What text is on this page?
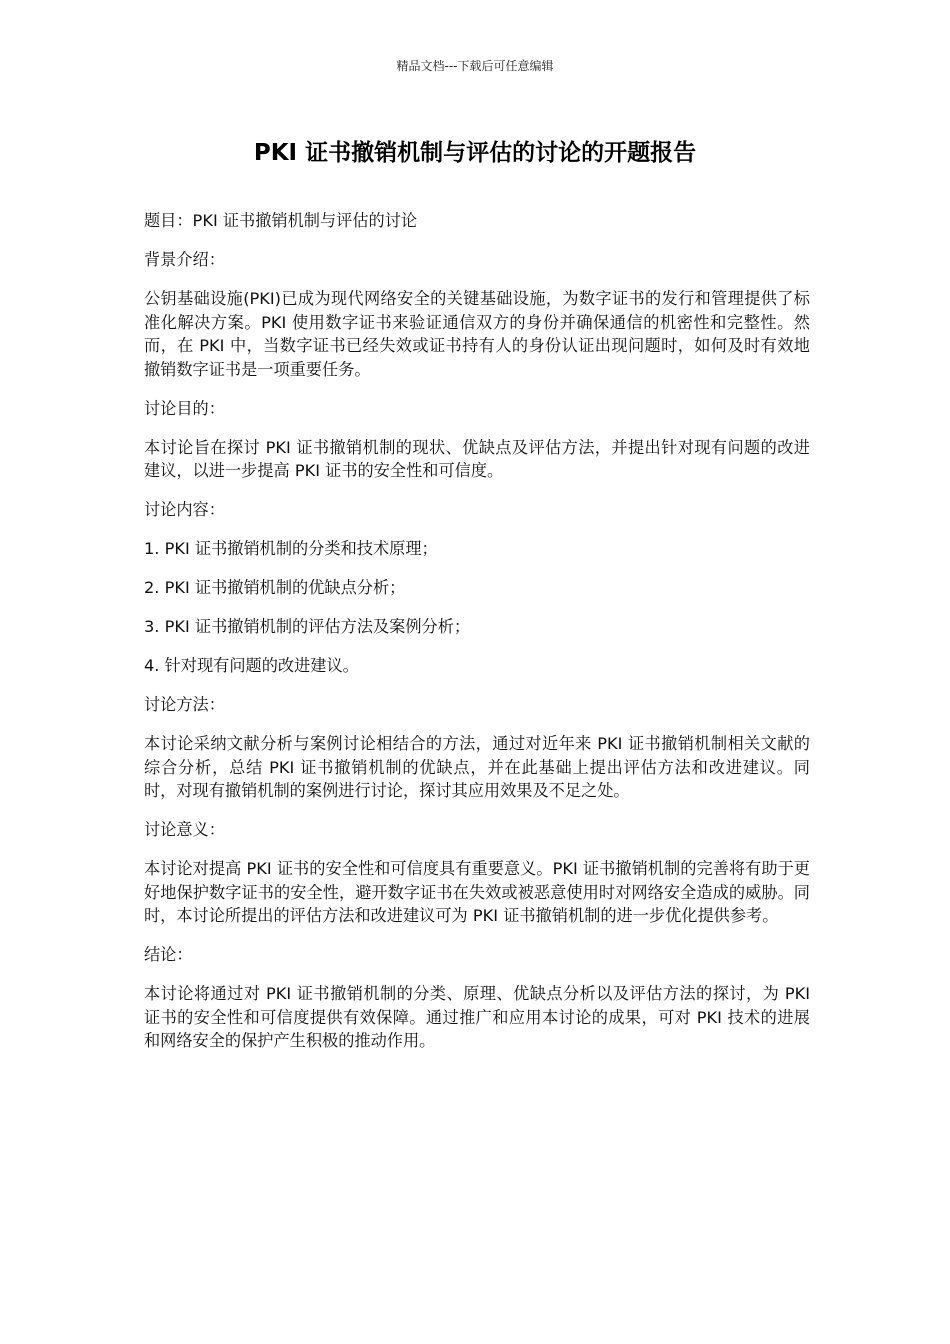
精品文档---下载后可任意编辑
PKI 证书撤销机制与评估的讨论的开题报告

题目：PKI 证书撤销机制与评估的讨论

背景介绍：

公钥基础设施(PKI)已成为现代网络安全的关键基础设施，为数字证书的发行和管理提供了标准化解决方案。PKI 使用数字证书来验证通信双方的身份并确保通信的机密性和完整性。然而，在 PKI 中，当数字证书已经失效或证书持有人的身份认证出现问题时，如何及时有效地撤销数字证书是一项重要任务。

讨论目的：

本讨论旨在探讨 PKI 证书撤销机制的现状、优缺点及评估方法，并提出针对现有问题的改进建议，以进一步提高 PKI 证书的安全性和可信度。

讨论内容：

1. PKI 证书撤销机制的分类和技术原理；

2. PKI 证书撤销机制的优缺点分析；

3. PKI 证书撤销机制的评估方法及案例分析；

4. 针对现有问题的改进建议。

讨论方法：

本讨论采纳文献分析与案例讨论相结合的方法，通过对近年来 PKI 证书撤销机制相关文献的综合分析，总结 PKI 证书撤销机制的优缺点，并在此基础上提出评估方法和改进建议。同时，对现有撤销机制的案例进行讨论，探讨其应用效果及不足之处。

讨论意义：

本讨论对提高 PKI 证书的安全性和可信度具有重要意义。PKI 证书撤销机制的完善将有助于更好地保护数字证书的安全性，避开数字证书在失效或被恶意使用时对网络安全造成的威胁。同时，本讨论所提出的评估方法和改进建议可为 PKI 证书撤销机制的进一步优化提供参考。

结论：

本讨论将通过对 PKI 证书撤销机制的分类、原理、优缺点分析以及评估方法的探讨，为 PKI 证书的安全性和可信度提供有效保障。通过推广和应用本讨论的成果，可对 PKI 技术的进展和网络安全的保护产生积极的推动作用。
